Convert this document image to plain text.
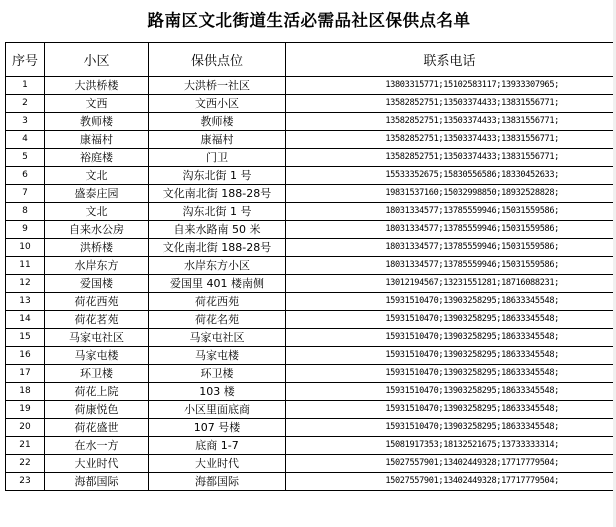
路南区文北街道生活必需品社区保供点名单
序号	小区	保供点位	联系电话
1	大洪桥楼	大洪桥一社区	13803315771;15102583117;13933307965;
2	文西	文西小区	13582852751;13503374433;13831556771;
3	教师楼	教师楼	13582852751;13503374433;13831556771;
4	康福村	康福村	13582852751;13503374433;13831556771;
5	裕庭楼	门卫	13582852751;13503374433;13831556771;
6	文北	沟东北街 1 号	15533352675;15830556586;18330452633;
7	盛泰庄园	文化南北街 188-28号	19831537160;15032998850;18932528828;
8	文北	沟东北街 1 号	18031334577;13785559946;15031559586;
9	自来水公房	自来水路南 50 米	18031334577;13785559946;15031559586;
10	洪桥楼	文化南北街 188-28号	18031334577;13785559946;15031559586;
11	水岸东方	水岸东方小区	18031334577;13785559946;15031559586;
12	爱国楼	爱国里 401 楼南侧	13012194567;13231551281;18716088231;
13	荷花西苑	荷花西苑	15931510470;13903258295;18633345548;
14	荷花茗苑	荷花名苑	15931510470;13903258295;18633345548;
15	马家屯社区	马家屯社区	15931510470;13903258295;18633345548;
16	马家屯楼	马家屯楼	15931510470;13903258295;18633345548;
17	环卫楼	环卫楼	15931510470;13903258295;18633345548;
18	荷花上院	103 楼	15931510470;13903258295;18633345548;
19	荷康悦色	小区里面底商	15931510470;13903258295;18633345548;
20	荷花盛世	107 号楼	15931510470;13903258295;18633345548;
21	在水一方	底商 1-7	15081917353;18132521675;13733333314;
22	大业时代	大业时代	15027557901;13402449328;17717779504;
23	海都国际	海都国际	15027557901;13402449328;17717779504;
